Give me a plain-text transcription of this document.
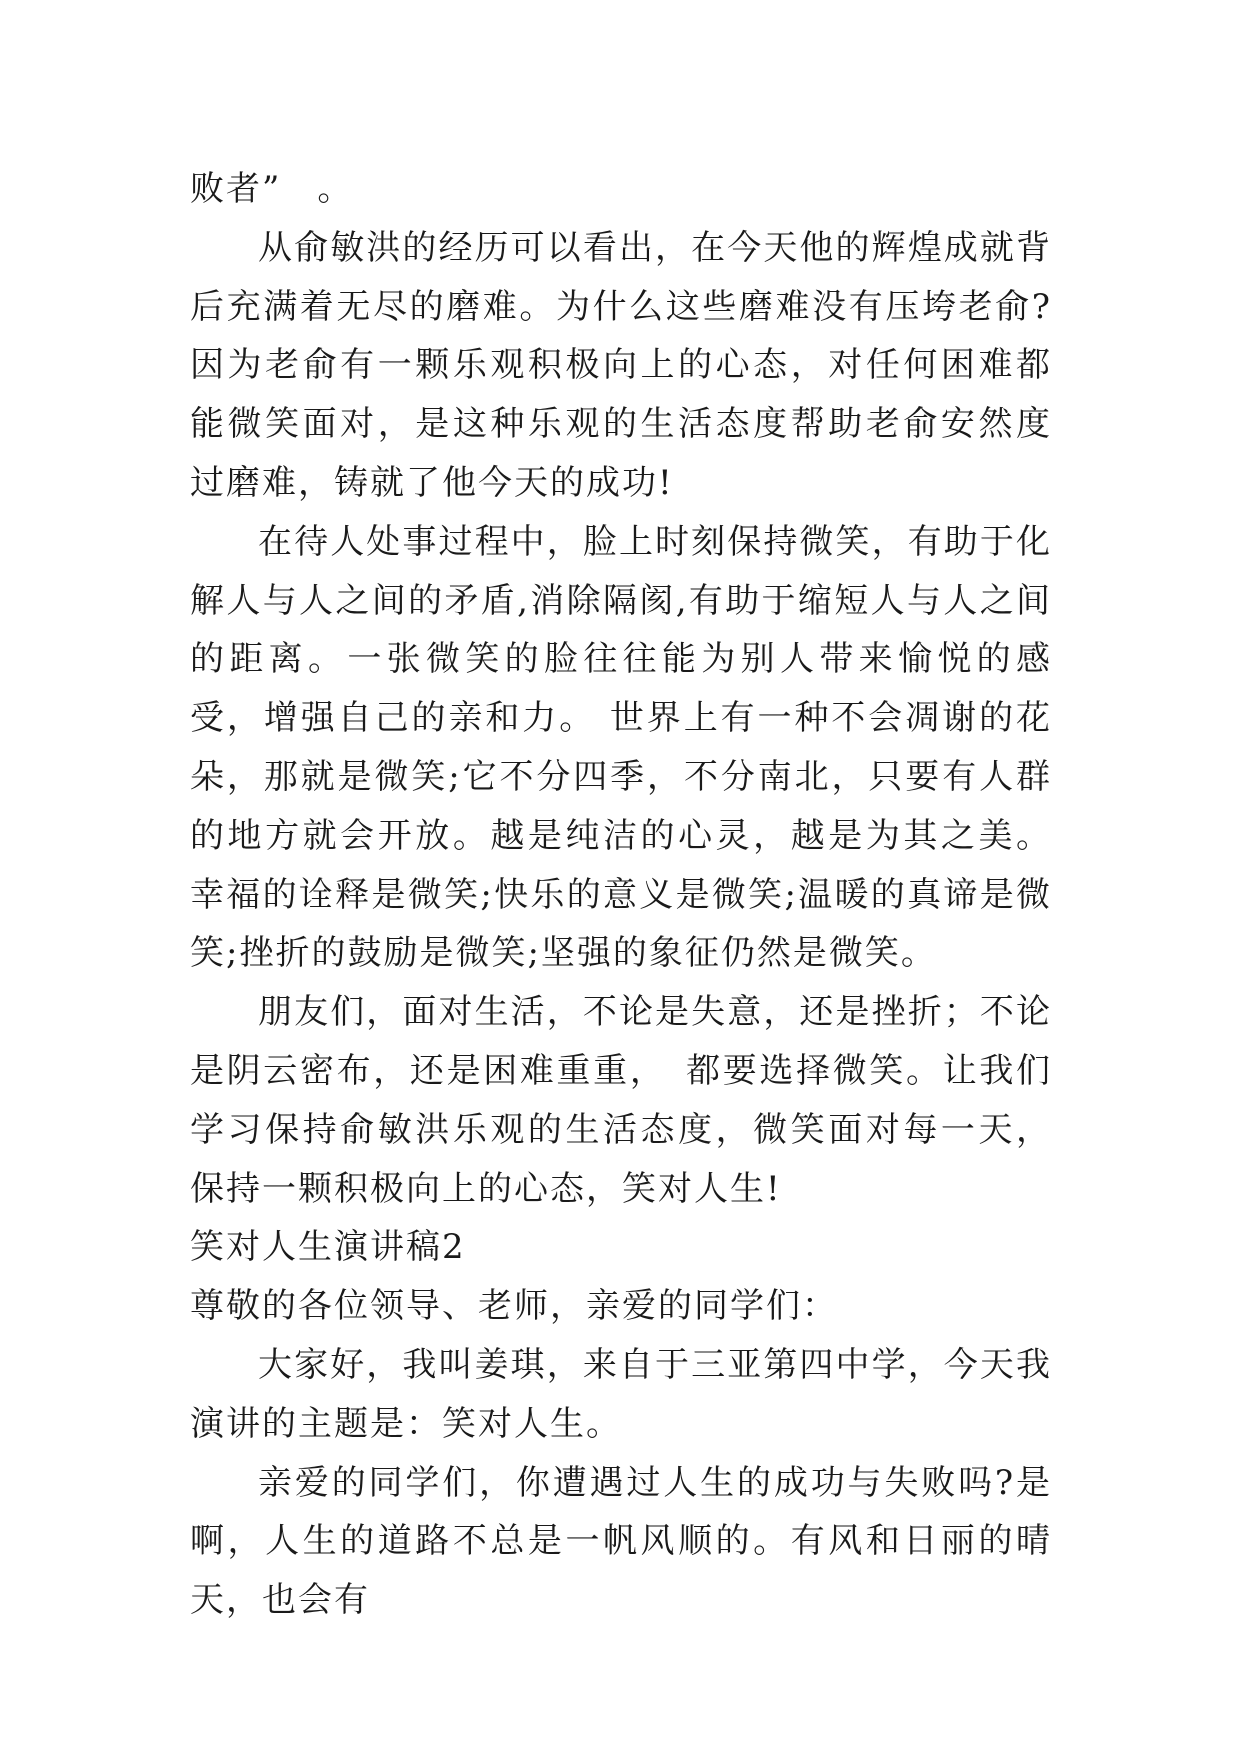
败者”　。

从俞敏洪的经历可以看出，在今天他的辉煌成就背后充满着无尽的磨难。为什么这些磨难没有压垮老俞?因为老俞有一颗乐观积极向上的心态，对任何困难都能微笑面对，是这种乐观的生活态度帮助老俞安然度过磨难，铸就了他今天的成功!

在待人处事过程中，脸上时刻保持微笑，有助于化解人与人之间的矛盾,消除隔阂,有助于缩短人与人之间的距离。一张微笑的脸往往能为别人带来愉悦的感受，增强自己的亲和力。 世界上有一种不会凋谢的花朵，那就是微笑;它不分四季，不分南北，只要有人群的地方就会开放。越是纯洁的心灵，越是为其之美。幸福的诠释是微笑;快乐的意义是微笑;温暖的真谛是微笑;挫折的鼓励是微笑;坚强的象征仍然是微笑。

朋友们，面对生活，不论是失意，还是挫折；不论是阴云密布，还是困难重重，　都要选择微笑。让我们学习保持俞敏洪乐观的生活态度，微笑面对每一天，保持一颗积极向上的心态，笑对人生!

笑对人生演讲稿2

尊敬的各位领导、老师，亲爱的同学们：

大家好，我叫姜琪，来自于三亚第四中学，今天我演讲的主题是：笑对人生。

亲爱的同学们，你遭遇过人生的成功与失败吗?是啊，人生的道路不总是一帆风顺的。有风和日丽的晴天，也会有
